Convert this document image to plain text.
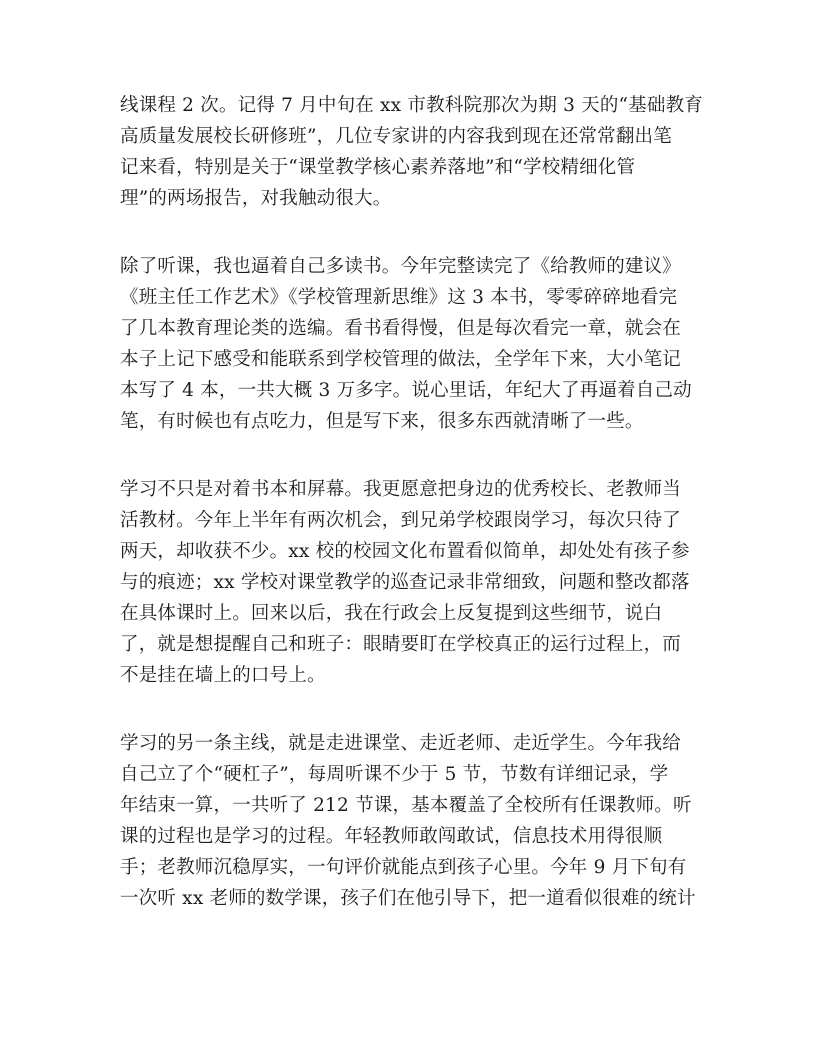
线课程 2 次。记得 7 月中旬在 xx 市教科院那次为期 3 天的“基础教育
高质量发展校长研修班”，几位专家讲的内容我到现在还常常翻出笔
记来看，特别是关于“课堂教学核心素养落地”和“学校精细化管
理”的两场报告，对我触动很大。
除了听课，我也逼着自己多读书。今年完整读完了《给教师的建议》
《班主任工作艺术》《学校管理新思维》这 3 本书，零零碎碎地看完
了几本教育理论类的选编。看书看得慢，但是每次看完一章，就会在
本子上记下感受和能联系到学校管理的做法，全学年下来，大小笔记
本写了 4 本，一共大概 3 万多字。说心里话，年纪大了再逼着自己动
笔，有时候也有点吃力，但是写下来，很多东西就清晰了一些。
学习不只是对着书本和屏幕。我更愿意把身边的优秀校长、老教师当
活教材。今年上半年有两次机会，到兄弟学校跟岗学习，每次只待了
两天，却收获不少。xx 校的校园文化布置看似简单，却处处有孩子参
与的痕迹；xx 学校对课堂教学的巡查记录非常细致，问题和整改都落
在具体课时上。回来以后，我在行政会上反复提到这些细节，说白
了，就是想提醒自己和班子：眼睛要盯在学校真正的运行过程上，而
不是挂在墙上的口号上。
学习的另一条主线，就是走进课堂、走近老师、走近学生。今年我给
自己立了个“硬杠子”，每周听课不少于 5 节，节数有详细记录，学
年结束一算，一共听了 212 节课，基本覆盖了全校所有任课教师。听
课的过程也是学习的过程。年轻教师敢闯敢试，信息技术用得很顺
手；老教师沉稳厚实，一句评价就能点到孩子心里。今年 9 月下旬有
一次听 xx 老师的数学课，孩子们在他引导下，把一道看似很难的统计
